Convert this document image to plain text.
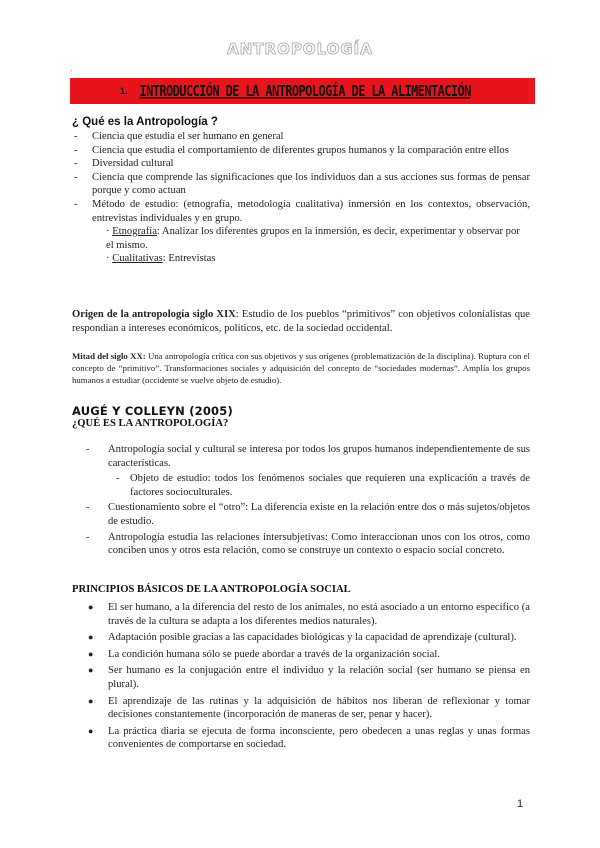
ANTROPOLOGÍA
'
1. INTRODUCCIÓN DE LA ANTROPOLOGÍA DE LA ALIMENTACIÓN
¿ Qué es la Antropología ?
- Ciencia que estudia el ser humano en general
- Ciencia que estudia el comportamiento de diferentes grupos humanos y la comparación entre ellos
- Diversidad cultural
- Ciencia que comprende las significaciones que los individuos dan a sus acciones sus formas de pensar porque y como actuan
- Método de estudio: (etnografía, metodología cualitativa) inmersión en los contextos, observación, entrevistas individuales y en grupo.
· Etnografía: Analizar los diferentes grupos en la inmersión, es decir, experimentar y observar por el mismo.
· Cualitativas: Entrevistas
Origen de la antropología siglo XIX: Estudio de los pueblos “primitivos” con objetivos colonialistas que respondian a intereses económicos, políticos, etc. de la sociedad occidental.
Mitad del siglo XX: Una antropología crítica con sus objetivos y sus orígenes (problematización de la disciplina). Ruptura con el concepto de “primitivo”. Transformaciones sociales y adquisición del concepto de “sociedades modernas”. Amplía los grupos humanos a estudiar (occidente se vuelve objeto de estudio).
AUGÉ Y COLLEYN (2005)
¿QUÉ ES LA ANTROPOLOGÍA?
- Antropología social y cultural se interesa por todos los grupos humanos independientemente de sus características.
- Objeto de estudio: todos los fenómenos sociales que requieren una explicación a través de factores socioculturales.
- Cuestionamiento sobre el “otro”: La diferencia existe en la relación entre dos o más sujetos/objetos de estudio.
- Antropología estudia las relaciones intersubjetivas: Como interaccionan unos con los otros, como conciben unos y otros esta relación, como se construye un contexto o espacio social concreto.
PRINCIPIOS BÁSICOS DE LA ANTROPOLOGÍA SOCIAL
● El ser humano, a la diferencia del resto de los animales, no está asociado a un entorno específico (a través de la cultura se adapta a los diferentes medios naturales).
● Adaptación posible gracias a las capacidades biológicas y la capacidad de aprendizaje (cultural).
● La condición humana sólo se puede abordar a través de la organización social.
● Ser humano es la conjugación entre el individuo y la relación social (ser humano se piensa en plural).
● El aprendizaje de las rutinas y la adquisición de hábitos nos liberan de reflexionar y tomar decisiones constantemente (incorporación de maneras de ser, penar y hacer).
● La práctica diaria se ejecuta de forma inconsciente, pero obedecen a unas reglas y unas formas convenientes de comportarse en sociedad.
1
